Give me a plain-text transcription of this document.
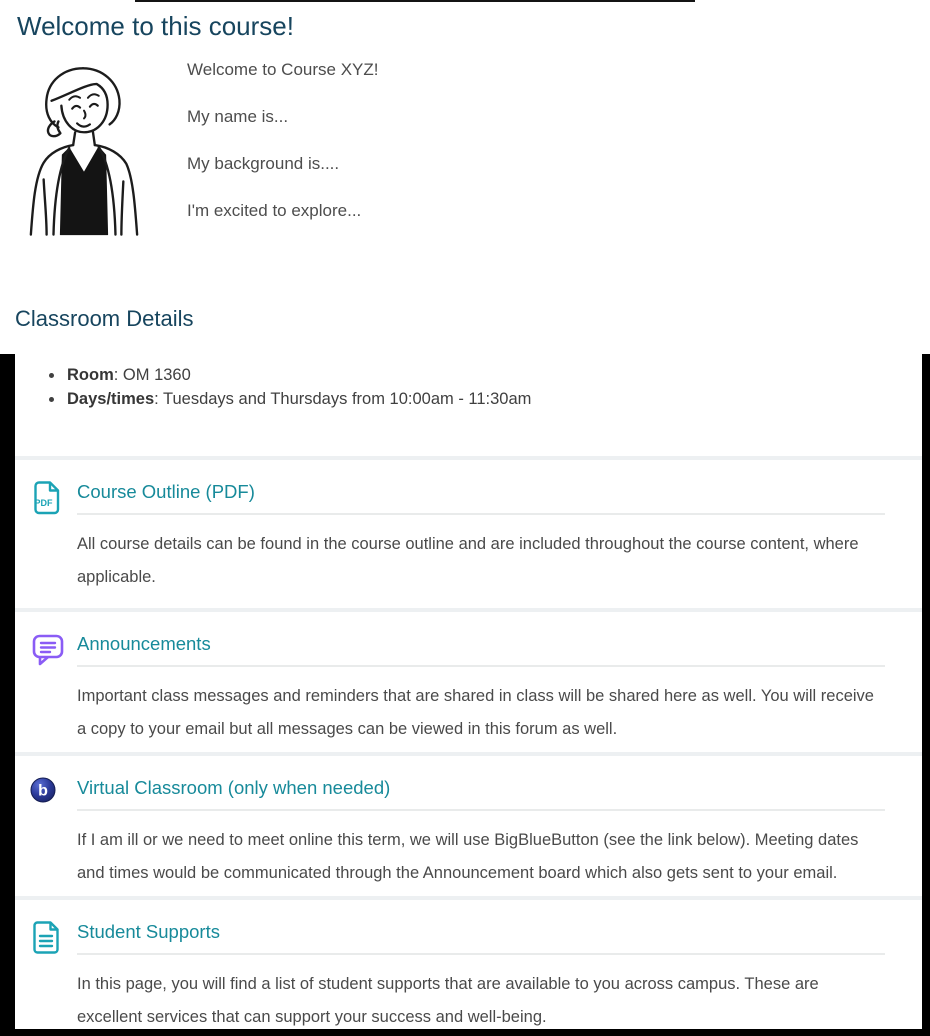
Welcome to this course!

Welcome to Course XYZ!

My name is...

My background is....

I'm excited to explore...

Classroom Details
• Room: OM 1360
• Days/times: Tuesdays and Thursdays from 10:00am - 11:30am
PDF
Course Outline (PDF)

All course details can be found in the course outline and are included throughout the course content, where applicable.

Announcements

Important class messages and reminders that are shared in class will be shared here as well. You will receive a copy to your email but all messages can be viewed in this forum as well.

b Virtual Classroom (only when needed)

If I am ill or we need to meet online this term, we will use BigBlueButton (see the link below). Meeting dates and times would be communicated through the Announcement board which also gets sent to your email.

Student Supports

In this page, you will find a list of student supports that are available to you across campus. These are excellent services that can support your success and well-being.
